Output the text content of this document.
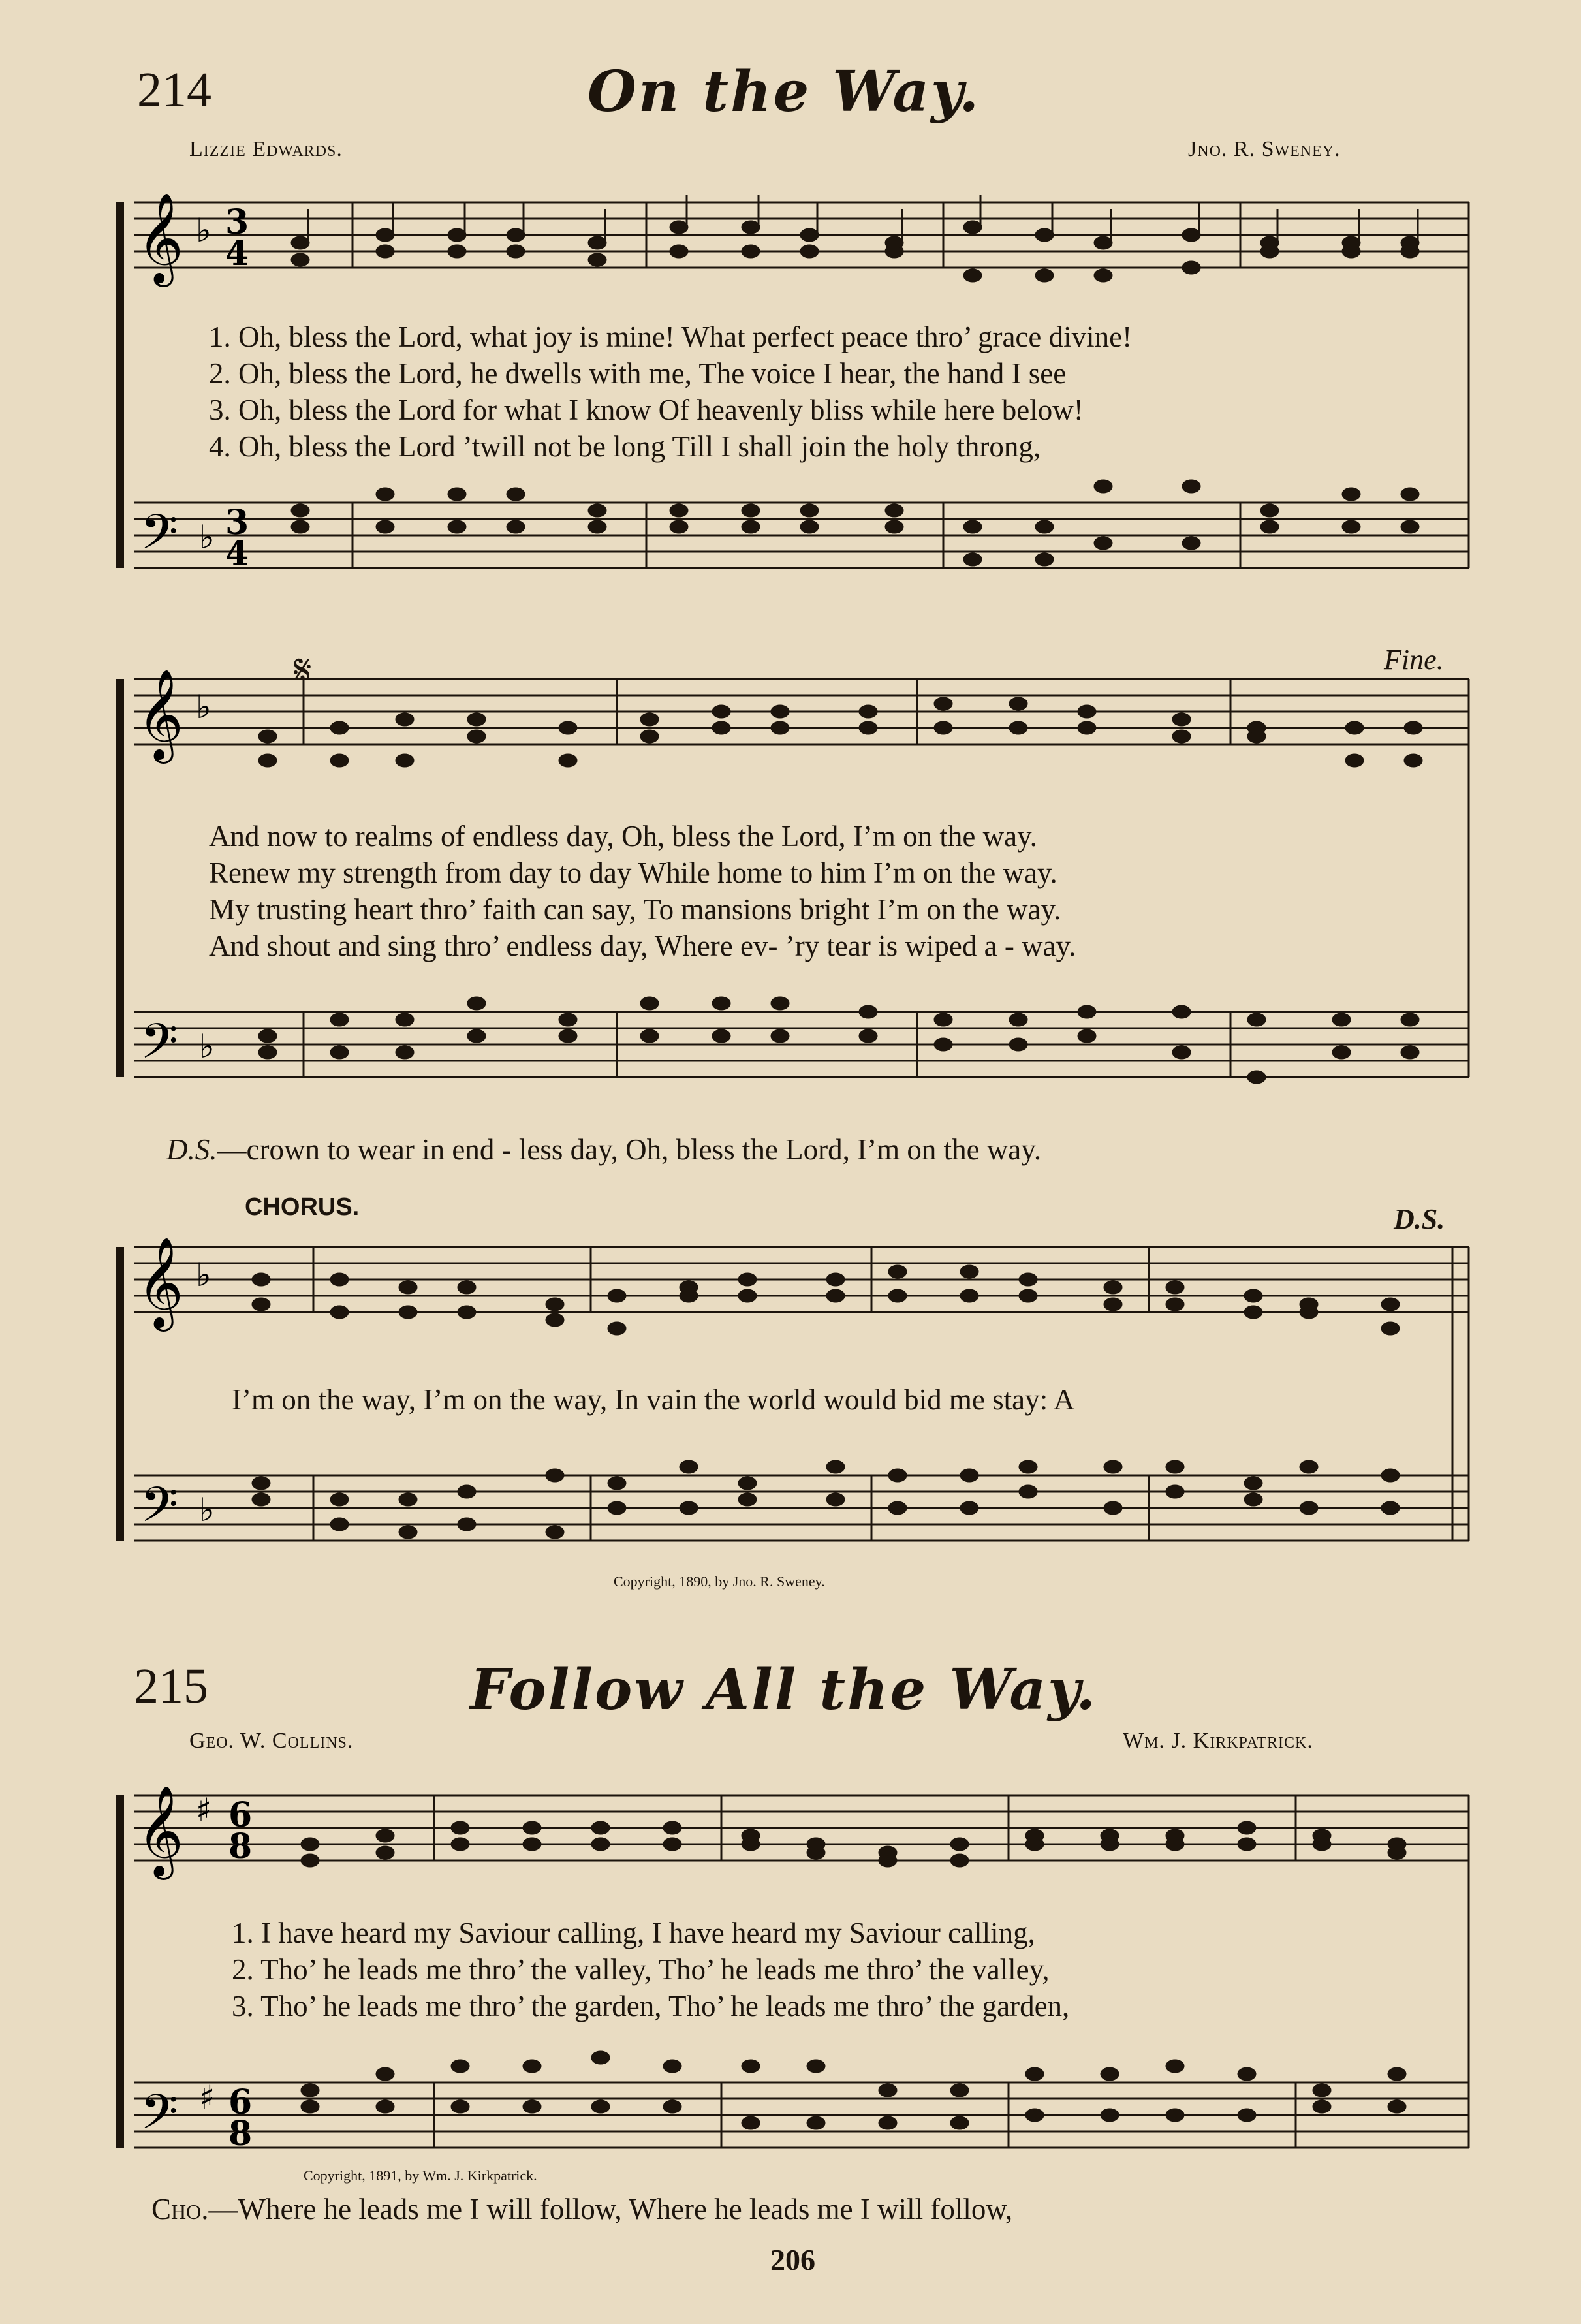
214	On the Way.
Lizzie Edwards.	Jno. R. Sweney.
𝄞
𝄢
♭
♭
3
4
3
4
1. Oh, bless the Lord, what joy is mine! What perfect peace thro’ grace divine!
2. Oh, bless the Lord, he dwells with me, The voice I hear, the hand I see
3. Oh, bless the Lord for what I know Of heavenly bliss while here below!
4. Oh, bless the Lord ’twill not be long Till I shall join the holy throng,
𝄋	Fine.
𝄞
𝄢
♭
♭
And now to realms of endless day, Oh, bless the Lord, I’m on the way.
Renew my strength from day to day While home to him I’m on the way.
My trusting heart thro’ faith can say, To mansions bright I’m on the way.
And shout and sing thro’ endless day, Where ev- ’ry tear is wiped a - way.
D.S.—crown to wear in end - less day, Oh, bless the Lord, I’m on the way.
CHORUS.	D.S.
𝄞
𝄢
♭
♭
I’m on the way, I’m on the way, In vain the world would bid me stay: A
Copyright, 1890, by Jno. R. Sweney.
215	Follow All the Way.
Geo. W. Collins.	Wm. J. Kirkpatrick.
𝄞
𝄢
♯
♯
6
8
6
8
1. I have heard my Saviour calling, I have heard my Saviour calling,
2. Tho’ he leads me thro’ the valley, Tho’ he leads me thro’ the valley,
3. Tho’ he leads me thro’ the garden, Tho’ he leads me thro’ the garden,
Copyright, 1891, by Wm. J. Kirkpatrick.
Cho.—Where he leads me I will follow, Where he leads me I will follow,
206
